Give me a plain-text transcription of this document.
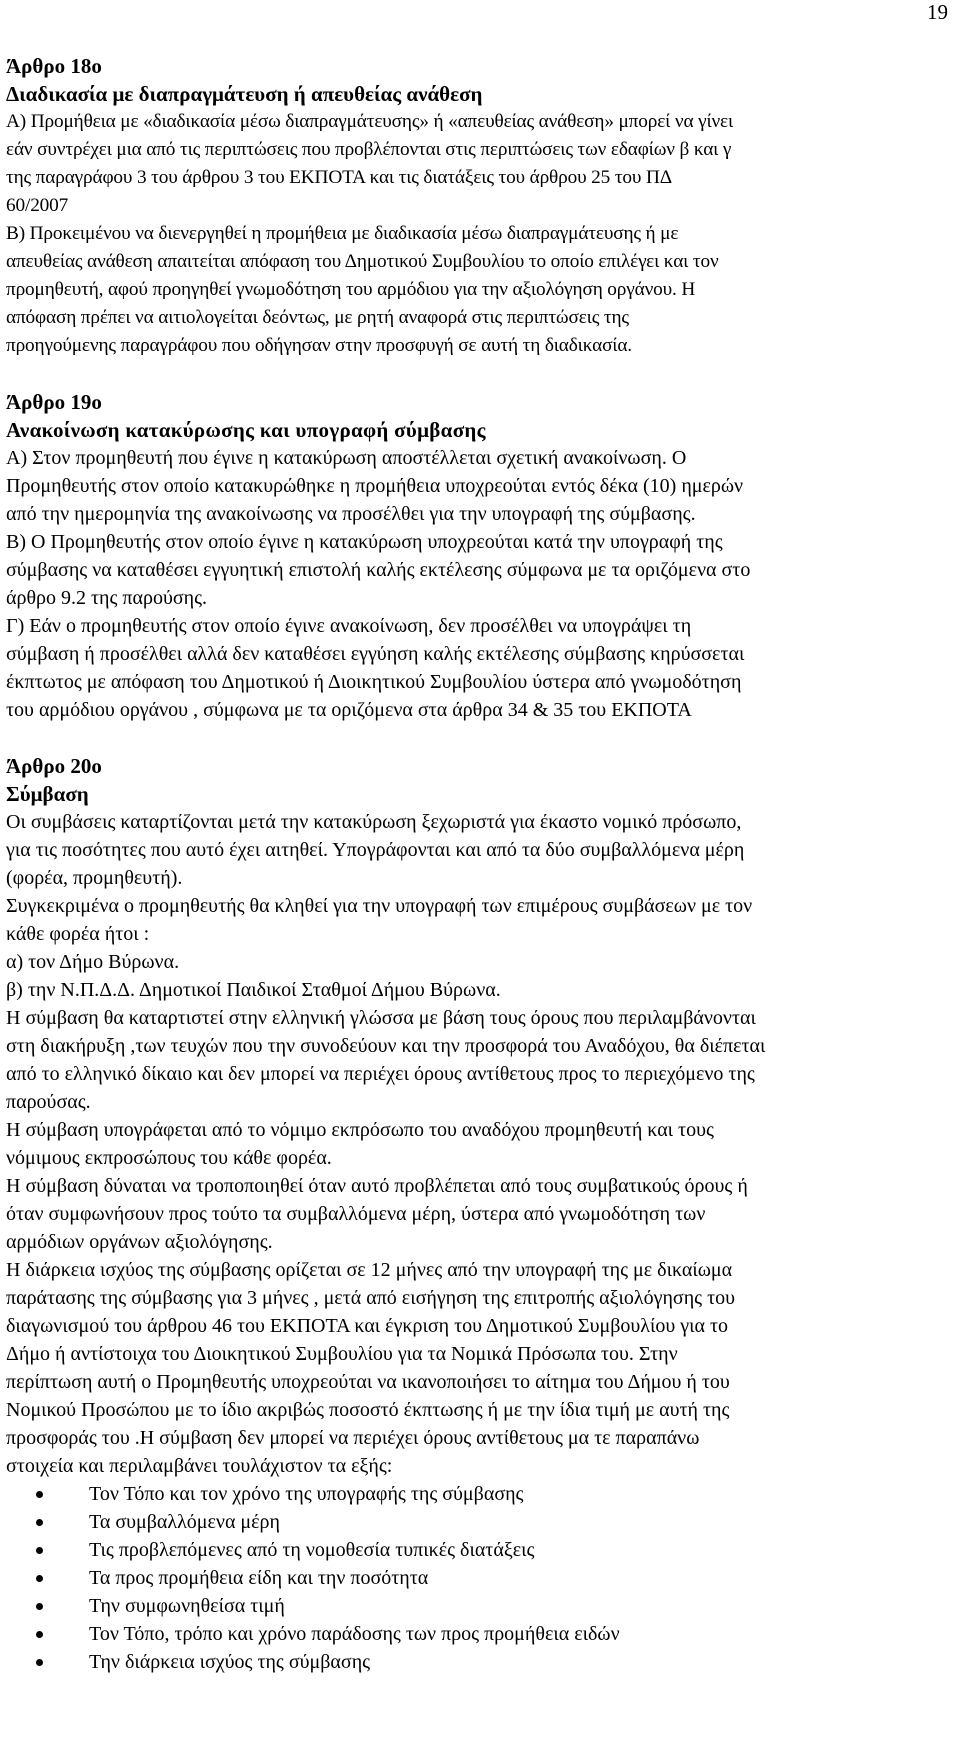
19
Άρθρο 18ο
Διαδικασία με διαπραγμάτευση ή απευθείας ανάθεση
Α) Προμήθεια με «διαδικασία μέσω διαπραγμάτευσης» ή «απευθείας ανάθεση» μπορεί να γίνει
εάν συντρέχει μια από τις περιπτώσεις που προβλέπονται στις περιπτώσεις των εδαφίων β και γ
της παραγράφου 3 του άρθρου 3 του ΕΚΠΟΤΑ και τις διατάξεις του άρθρου 25 του ΠΔ
60/2007
Β) Προκειμένου να διενεργηθεί η προμήθεια με διαδικασία μέσω διαπραγμάτευσης ή με
απευθείας ανάθεση απαιτείται απόφαση του Δημοτικού Συμβουλίου το οποίο επιλέγει και τον
προμηθευτή, αφού προηγηθεί γνωμοδότηση του αρμόδιου για την αξιολόγηση οργάνου. Η
απόφαση πρέπει να αιτιολογείται δεόντως, με ρητή αναφορά στις περιπτώσεις της
προηγούμενης παραγράφου που οδήγησαν στην προσφυγή σε αυτή τη διαδικασία.
Άρθρο 19ο
Ανακοίνωση κατακύρωσης και υπογραφή σύμβασης
Α) Στον προμηθευτή που έγινε η κατακύρωση αποστέλλεται σχετική ανακοίνωση. Ο
Προμηθευτής στον οποίο κατακυρώθηκε η προμήθεια υποχρεούται εντός δέκα (10) ημερών
από την ημερομηνία της ανακοίνωσης να προσέλθει για την υπογραφή της σύμβασης.
Β) Ο Προμηθευτής στον οποίο έγινε η κατακύρωση υποχρεούται κατά την υπογραφή της
σύμβασης να καταθέσει εγγυητική επιστολή καλής εκτέλεσης σύμφωνα με τα οριζόμενα στο
άρθρο 9.2 της παρούσης.
Γ) Εάν ο προμηθευτής στον οποίο έγινε ανακοίνωση, δεν προσέλθει να υπογράψει τη
σύμβαση ή προσέλθει αλλά δεν καταθέσει εγγύηση καλής εκτέλεσης σύμβασης κηρύσσεται
έκπτωτος με απόφαση του Δημοτικού ή Διοικητικού Συμβουλίου ύστερα από γνωμοδότηση
του αρμόδιου οργάνου , σύμφωνα με τα οριζόμενα στα άρθρα 34 & 35 του ΕΚΠΟΤΑ
Άρθρο 20ο
Σύμβαση
Οι συμβάσεις καταρτίζονται μετά την κατακύρωση ξεχωριστά για έκαστο νομικό πρόσωπο,
για τις ποσότητες που αυτό έχει αιτηθεί. Υπογράφονται και από τα δύο συμβαλλόμενα μέρη
(φορέα, προμηθευτή).
Συγκεκριμένα ο προμηθευτής θα κληθεί για την υπογραφή των επιμέρους συμβάσεων με τον
κάθε φορέα ήτοι :
α) τον Δήμο Βύρωνα.
β) την Ν.Π.Δ.Δ. Δημοτικοί Παιδικοί Σταθμοί Δήμου Βύρωνα.
Η σύμβαση θα καταρτιστεί στην ελληνική γλώσσα με βάση τους όρους που περιλαμβάνονται
στη διακήρυξη ,των τευχών που την συνοδεύουν και την προσφορά του Αναδόχου, θα διέπεται
από το ελληνικό δίκαιο και δεν μπορεί να περιέχει όρους αντίθετους προς το περιεχόμενο της
παρούσας.
Η σύμβαση υπογράφεται από το νόμιμο εκπρόσωπο του αναδόχου προμηθευτή και τους
νόμιμους εκπροσώπους του κάθε φορέα.
Η σύμβαση δύναται να τροποποιηθεί όταν αυτό προβλέπεται από τους συμβατικούς όρους ή
όταν συμφωνήσουν προς τούτο τα συμβαλλόμενα μέρη, ύστερα από γνωμοδότηση των
αρμόδιων οργάνων αξιολόγησης.
Η διάρκεια ισχύος της σύμβασης ορίζεται σε 12 μήνες από την υπογραφή της με δικαίωμα
παράτασης της σύμβασης για 3 μήνες , μετά από εισήγηση της επιτροπής αξιολόγησης του
διαγωνισμού του άρθρου 46 του ΕΚΠΟΤΑ και έγκριση του Δημοτικού Συμβουλίου για το
Δήμο ή αντίστοιχα του Διοικητικού Συμβουλίου για τα Νομικά Πρόσωπα του. Στην
περίπτωση αυτή ο Προμηθευτής υποχρεούται να ικανοποιήσει το αίτημα του Δήμου ή του
Νομικού Προσώπου με το ίδιο ακριβώς ποσοστό έκπτωσης ή με την ίδια τιμή με αυτή της
προσφοράς του .Η σύμβαση δεν μπορεί να περιέχει όρους αντίθετους μα τε παραπάνω
στοιχεία και περιλαμβάνει τουλάχιστον τα εξής:
Τον Τόπο και τον χρόνο της υπογραφής της σύμβασης
Τα συμβαλλόμενα μέρη
Τις προβλεπόμενες από τη νομοθεσία τυπικές διατάξεις
Τα προς προμήθεια είδη και την ποσότητα
Την συμφωνηθείσα τιμή
Τον Τόπο, τρόπο και χρόνο παράδοσης των προς προμήθεια ειδών
Την διάρκεια ισχύος της σύμβασης
